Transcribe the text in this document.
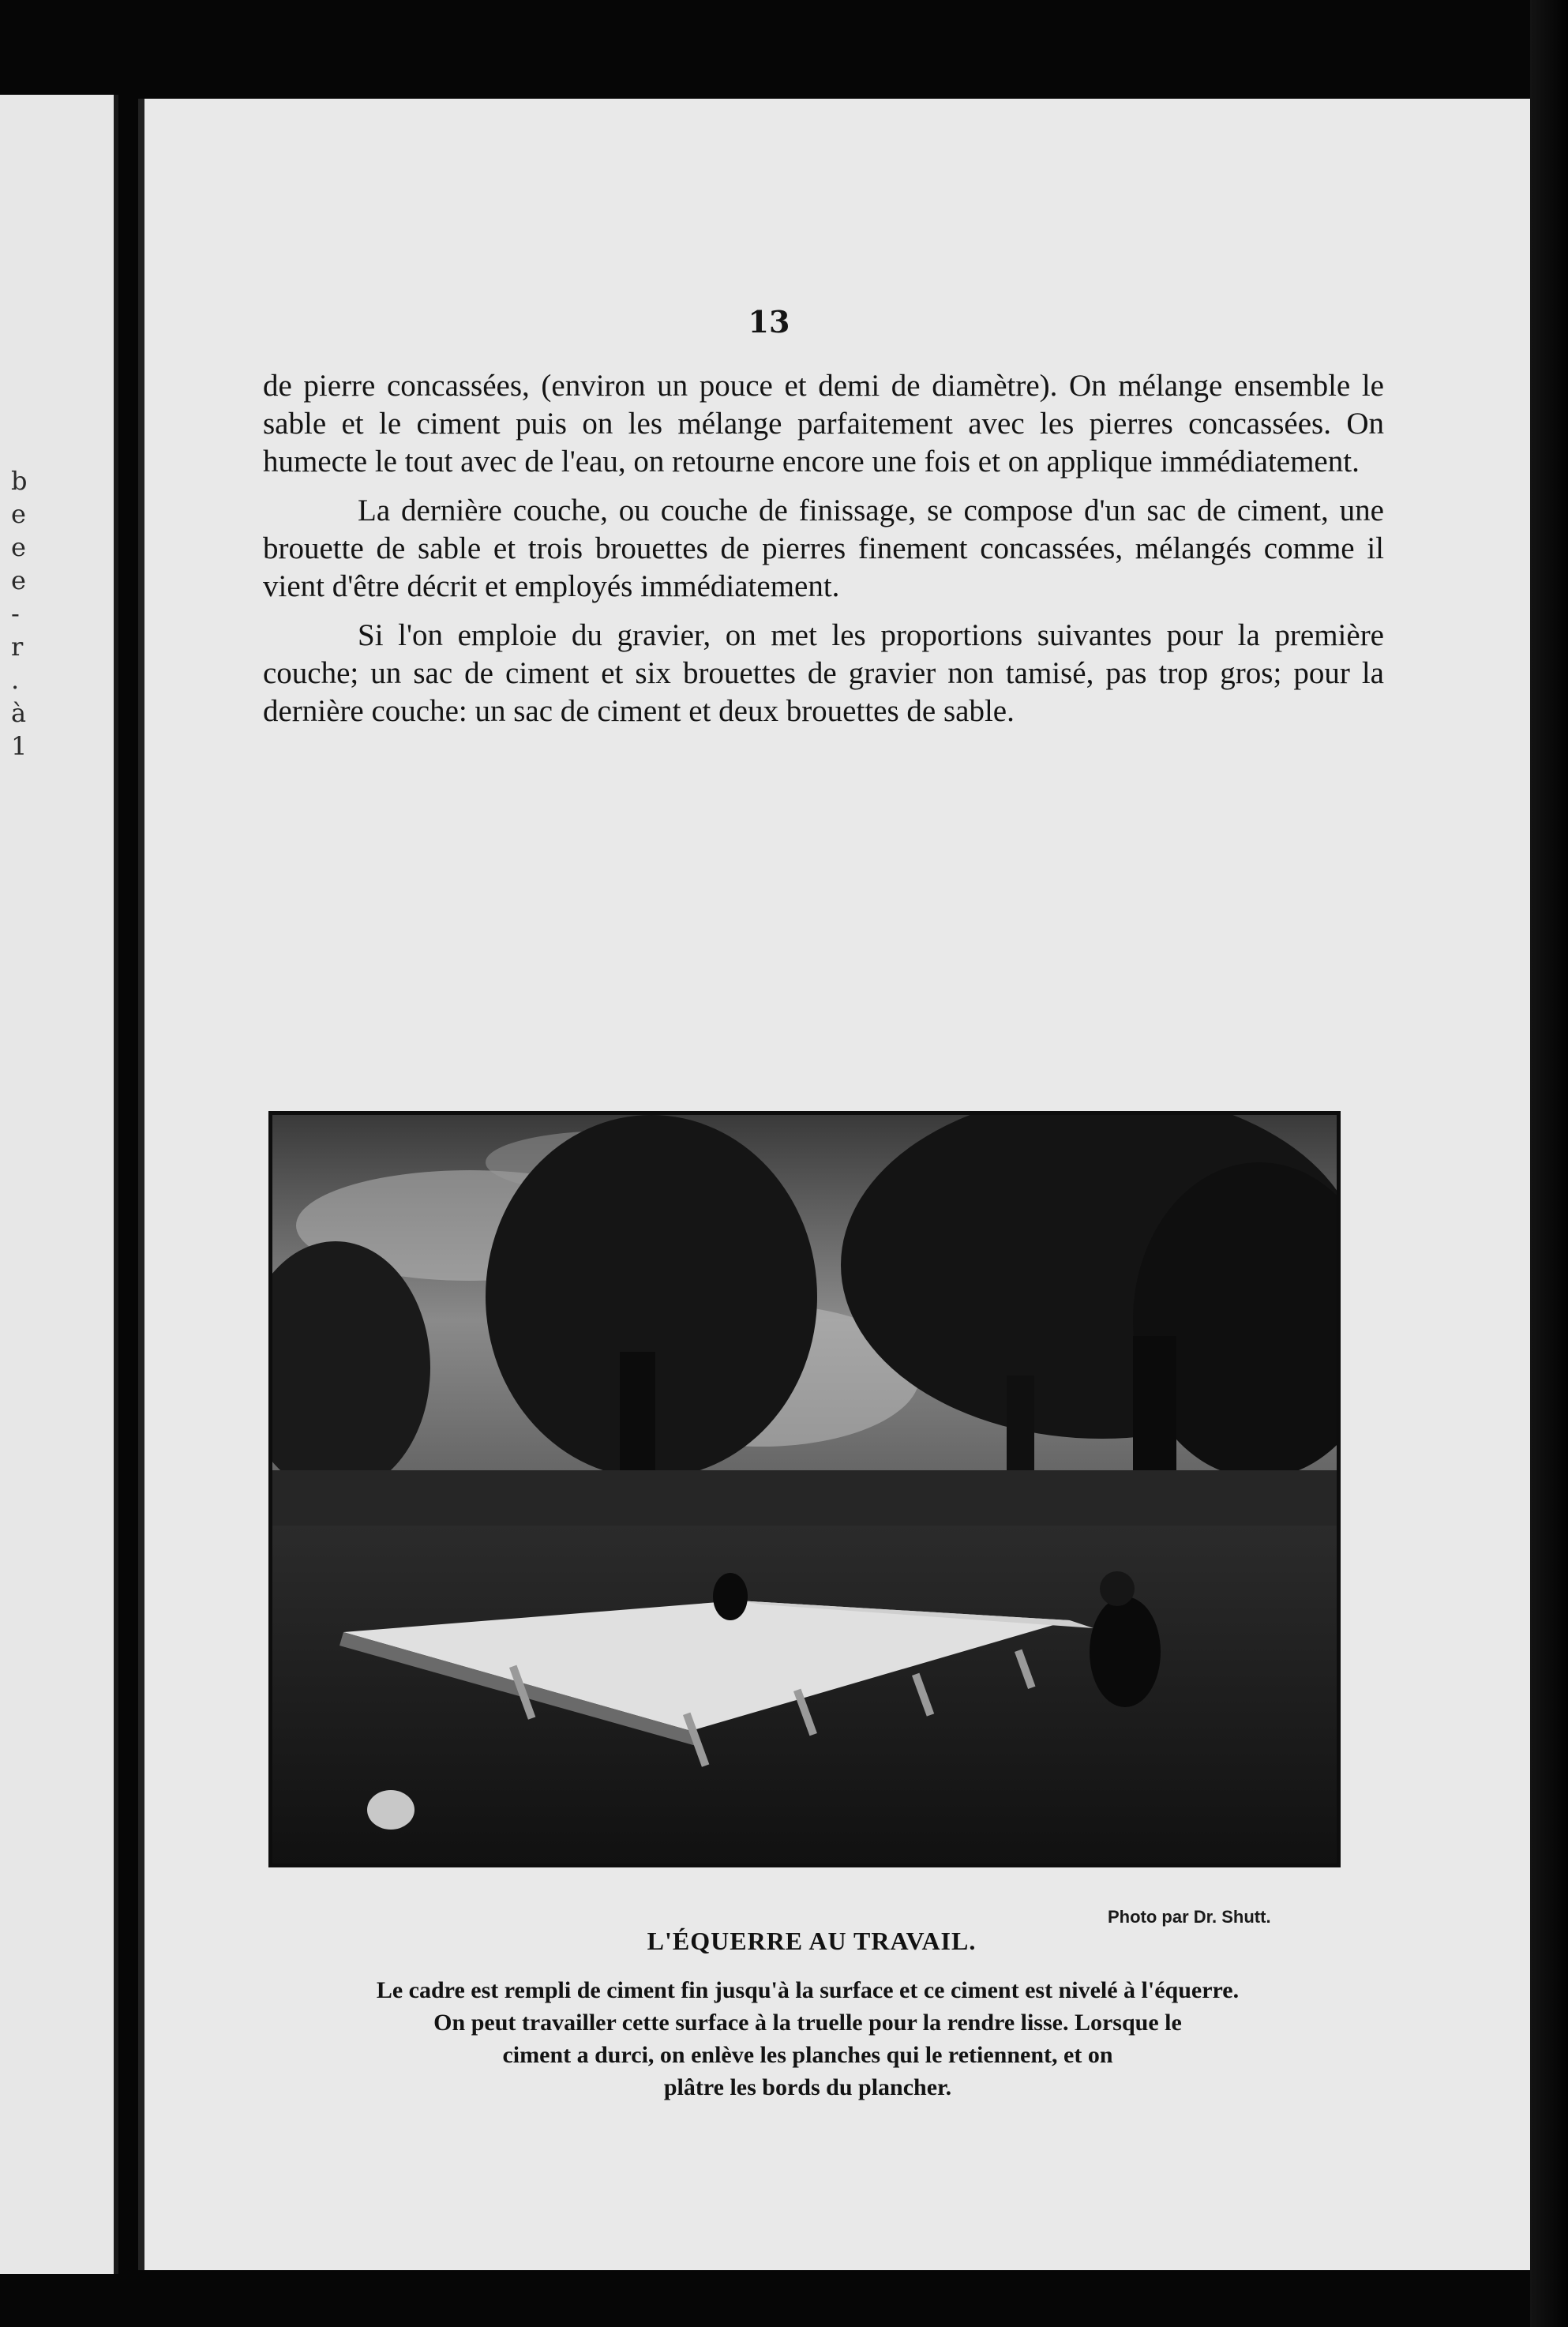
b
e
e
e
-
r
.
à
1
13

de pierre concassées, (environ un pouce et demi de diamètre). On mélange ensemble le sable et le ciment puis on les mélange parfaitement avec les pierres concassées. On humecte le tout avec de l'eau, on retourne encore une fois et on applique immédiatement.

La dernière couche, ou couche de finissage, se compose d'un sac de ciment, une brouette de sable et trois brouettes de pierres finement concassées, mélangés comme il vient d'être décrit et employés immédiatement.

Si l'on emploie du gravier, on met les proportions suivantes pour la première couche; un sac de ciment et six brouettes de gravier non tamisé, pas trop gros; pour la dernière couche: un sac de ciment et deux brouettes de sable.

Photo par Dr. Shutt.
L'ÉQUERRE AU TRAVAIL.
Le cadre est rempli de ciment fin jusqu'à la surface et ce ciment est nivelé à l'équerre.
On peut travailler cette surface à la truelle pour la rendre lisse. Lorsque le
ciment a durci, on enlève les planches qui le retiennent, et on
plâtre les bords du plancher.
